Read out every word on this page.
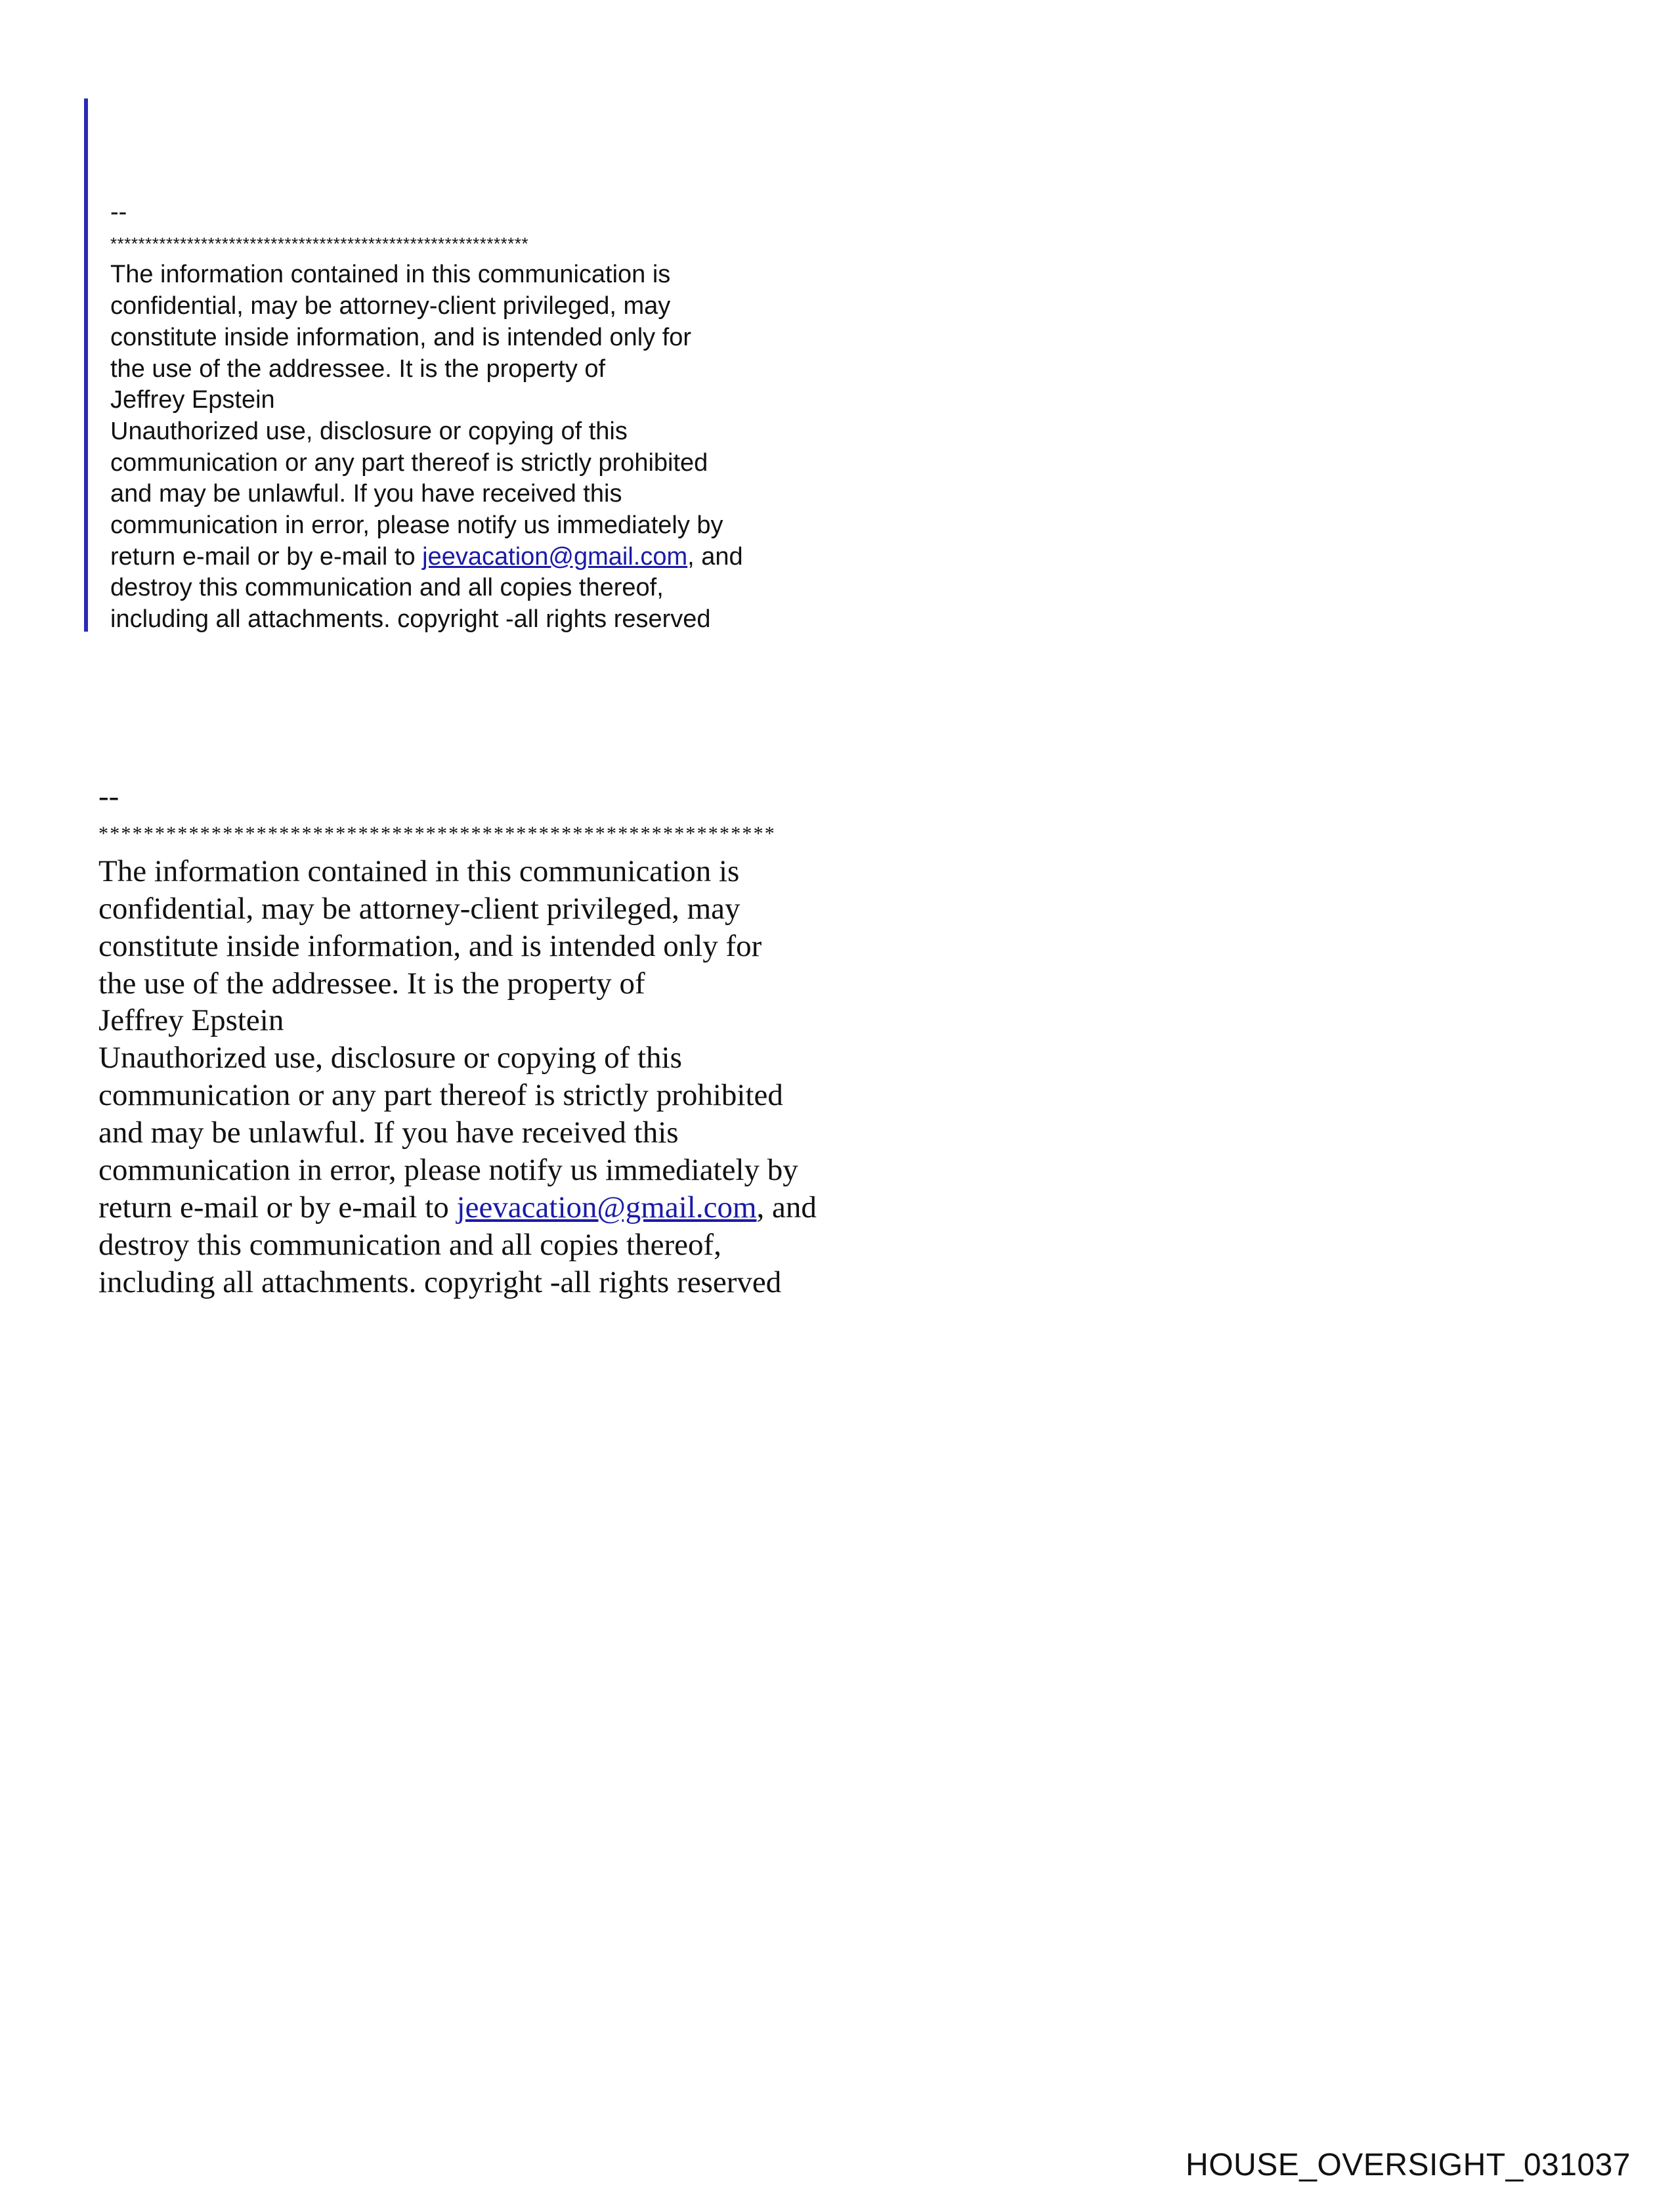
--
************************************************************
The information contained in this communication is
confidential, may be attorney-client privileged, may
constitute inside information, and is intended only for
the use of the addressee. It is the property of
Jeffrey Epstein
Unauthorized use, disclosure or copying of this
communication or any part thereof is strictly prohibited
and may be unlawful. If you have received this
communication in error, please notify us immediately by
return e-mail or by e-mail to jeevacation@gmail.com, and
destroy this communication and all copies thereof,
including all attachments. copyright -all rights reserved
--
************************************************************
The information contained in this communication is
confidential, may be attorney-client privileged, may
constitute inside information, and is intended only for
the use of the addressee. It is the property of
Jeffrey Epstein
Unauthorized use, disclosure or copying of this
communication or any part thereof is strictly prohibited
and may be unlawful. If you have received this
communication in error, please notify us immediately by
return e-mail or by e-mail to jeevacation@gmail.com, and
destroy this communication and all copies thereof,
including all attachments. copyright -all rights reserved
HOUSE_OVERSIGHT_031037
